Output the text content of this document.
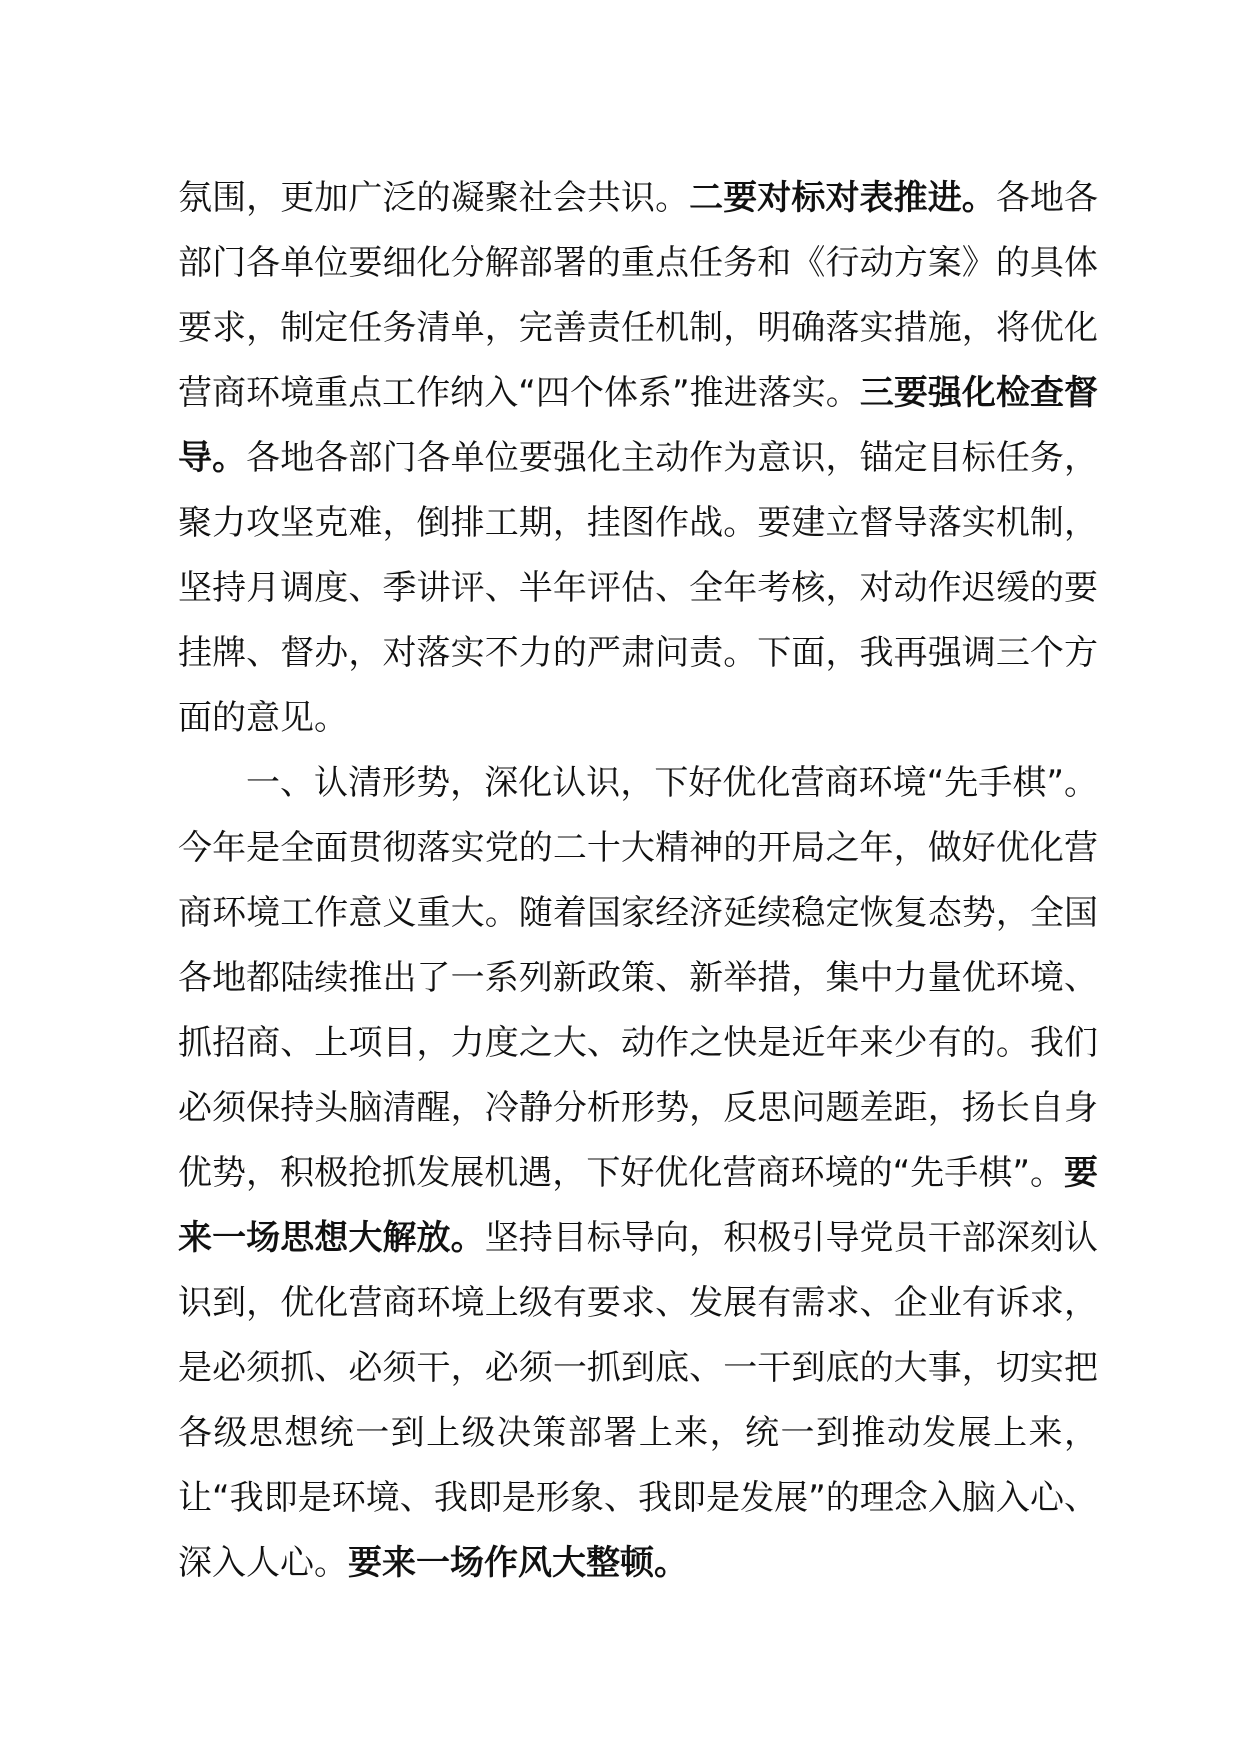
氛围，更加广泛的凝聚社会共识。二要对标对表推进。各地各部门各单位要细化分解部署的重点任务和《行动方案》的具体要求，制定任务清单，完善责任机制，明确落实措施，将优化营商环境重点工作纳入“四个体系”推进落实。三要强化检查督导。各地各部门各单位要强化主动作为意识，锚定目标任务，聚力攻坚克难，倒排工期，挂图作战。要建立督导落实机制，坚持月调度、季讲评、半年评估、全年考核，对动作迟缓的要挂牌、督办，对落实不力的严肃问责。下面，我再强调三个方面的意见。

一、认清形势，深化认识，下好优化营商环境“先手棋”。今年是全面贯彻落实党的二十大精神的开局之年，做好优化营商环境工作意义重大。随着国家经济延续稳定恢复态势，全国各地都陆续推出了一系列新政策、新举措，集中力量优环境、抓招商、上项目，力度之大、动作之快是近年来少有的。我们必须保持头脑清醒，冷静分析形势，反思问题差距，扬长自身优势，积极抢抓发展机遇，下好优化营商环境的“先手棋”。要来一场思想大解放。坚持目标导向，积极引导党员干部深刻认识到，优化营商环境上级有要求、发展有需求、企业有诉求，是必须抓、必须干，必须一抓到底、一干到底的大事，切实把各级思想统一到上级决策部署上来，统一到推动发展上来，让“我即是环境、我即是形象、我即是发展”的理念入脑入心、深入人心。要来一场作风大整顿。
